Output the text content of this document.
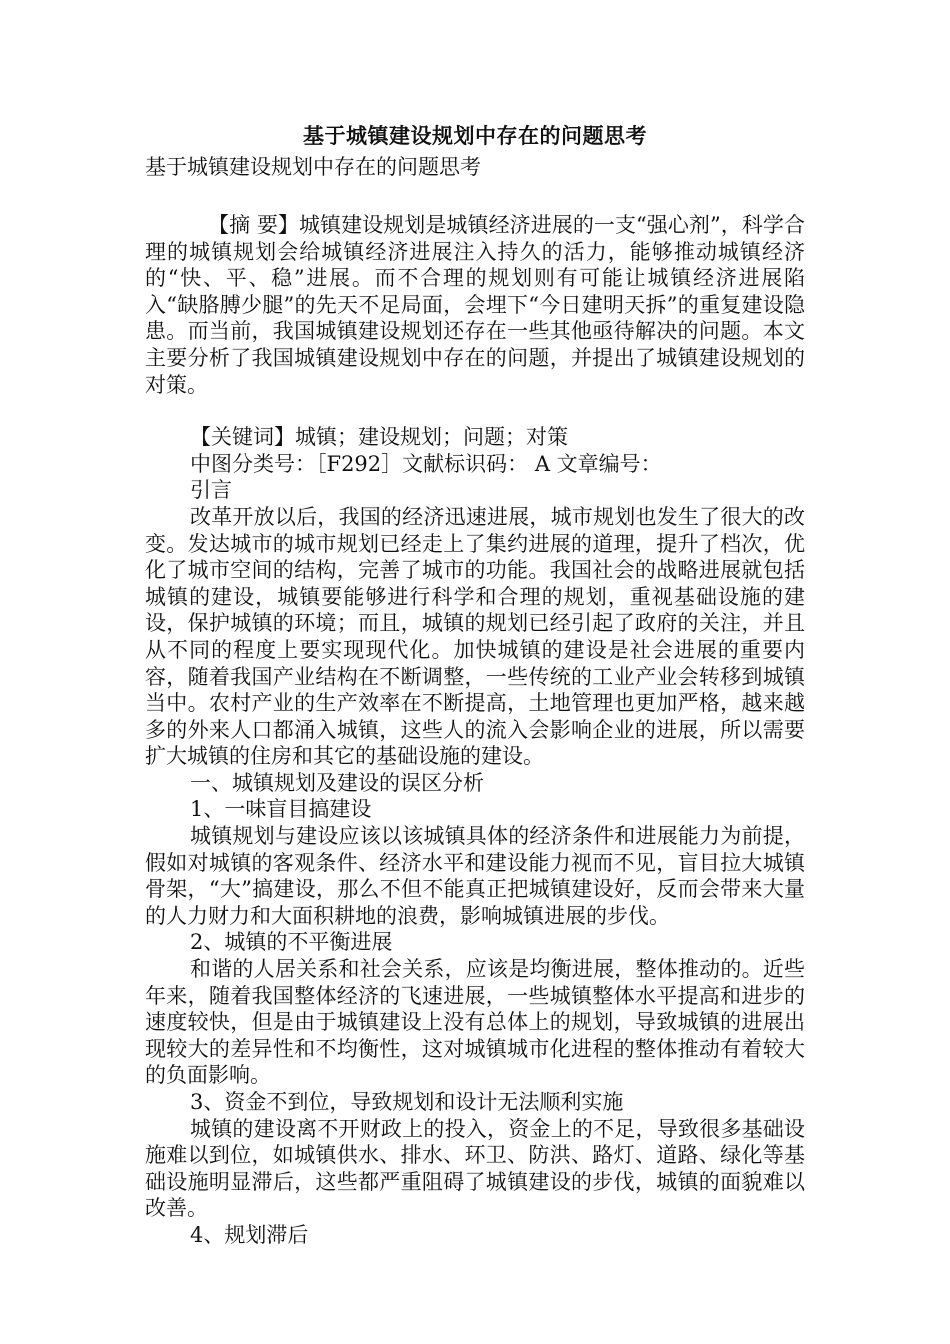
基于城镇建设规划中存在的问题思考
基于城镇建设规划中存在的问题思考

【摘 要】城镇建设规划是城镇经济进展的一支“强心剂”，科学合理的城镇规划会给城镇经济进展注入持久的活力，能够推动城镇经济的“快、平、稳”进展。而不合理的规划则有可能让城镇经济进展陷入“缺胳膊少腿”的先天不足局面，会埋下“今日建明天拆”的重复建设隐患。而当前，我国城镇建设规划还存在一些其他亟待解决的问题。本文主要分析了我国城镇建设规划中存在的问题，并提出了城镇建设规划的对策。

【关键词】城镇；建设规划；问题；对策

中图分类号：［F292］文献标识码： A 文章编号：

引言

改革开放以后，我国的经济迅速进展，城市规划也发生了很大的改变。发达城市的城市规划已经走上了集约进展的道理，提升了档次，优化了城市空间的结构，完善了城市的功能。我国社会的战略进展就包括城镇的建设，城镇要能够进行科学和合理的规划，重视基础设施的建设，保护城镇的环境；而且，城镇的规划已经引起了政府的关注，并且从不同的程度上要实现现代化。加快城镇的建设是社会进展的重要内容，随着我国产业结构在不断调整，一些传统的工业产业会转移到城镇当中。农村产业的生产效率在不断提高，土地管理也更加严格，越来越多的外来人口都涌入城镇，这些人的流入会影响企业的进展，所以需要扩大城镇的住房和其它的基础设施的建设。

一、城镇规划及建设的误区分析

1、一味盲目搞建设

城镇规划与建设应该以该城镇具体的经济条件和进展能力为前提，假如对城镇的客观条件、经济水平和建设能力视而不见，盲目拉大城镇骨架，“大”搞建设，那么不但不能真正把城镇建设好，反而会带来大量的人力财力和大面积耕地的浪费，影响城镇进展的步伐。

2、城镇的不平衡进展

和谐的人居关系和社会关系，应该是均衡进展，整体推动的。近些年来，随着我国整体经济的飞速进展，一些城镇整体水平提高和进步的速度较快，但是由于城镇建设上没有总体上的规划，导致城镇的进展出现较大的差异性和不均衡性，这对城镇城市化进程的整体推动有着较大的负面影响。

3、资金不到位，导致规划和设计无法顺利实施

城镇的建设离不开财政上的投入，资金上的不足，导致很多基础设施难以到位，如城镇供水、排水、环卫、防洪、路灯、道路、绿化等基础设施明显滞后，这些都严重阻碍了城镇建设的步伐，城镇的面貌难以改善。

4、规划滞后
